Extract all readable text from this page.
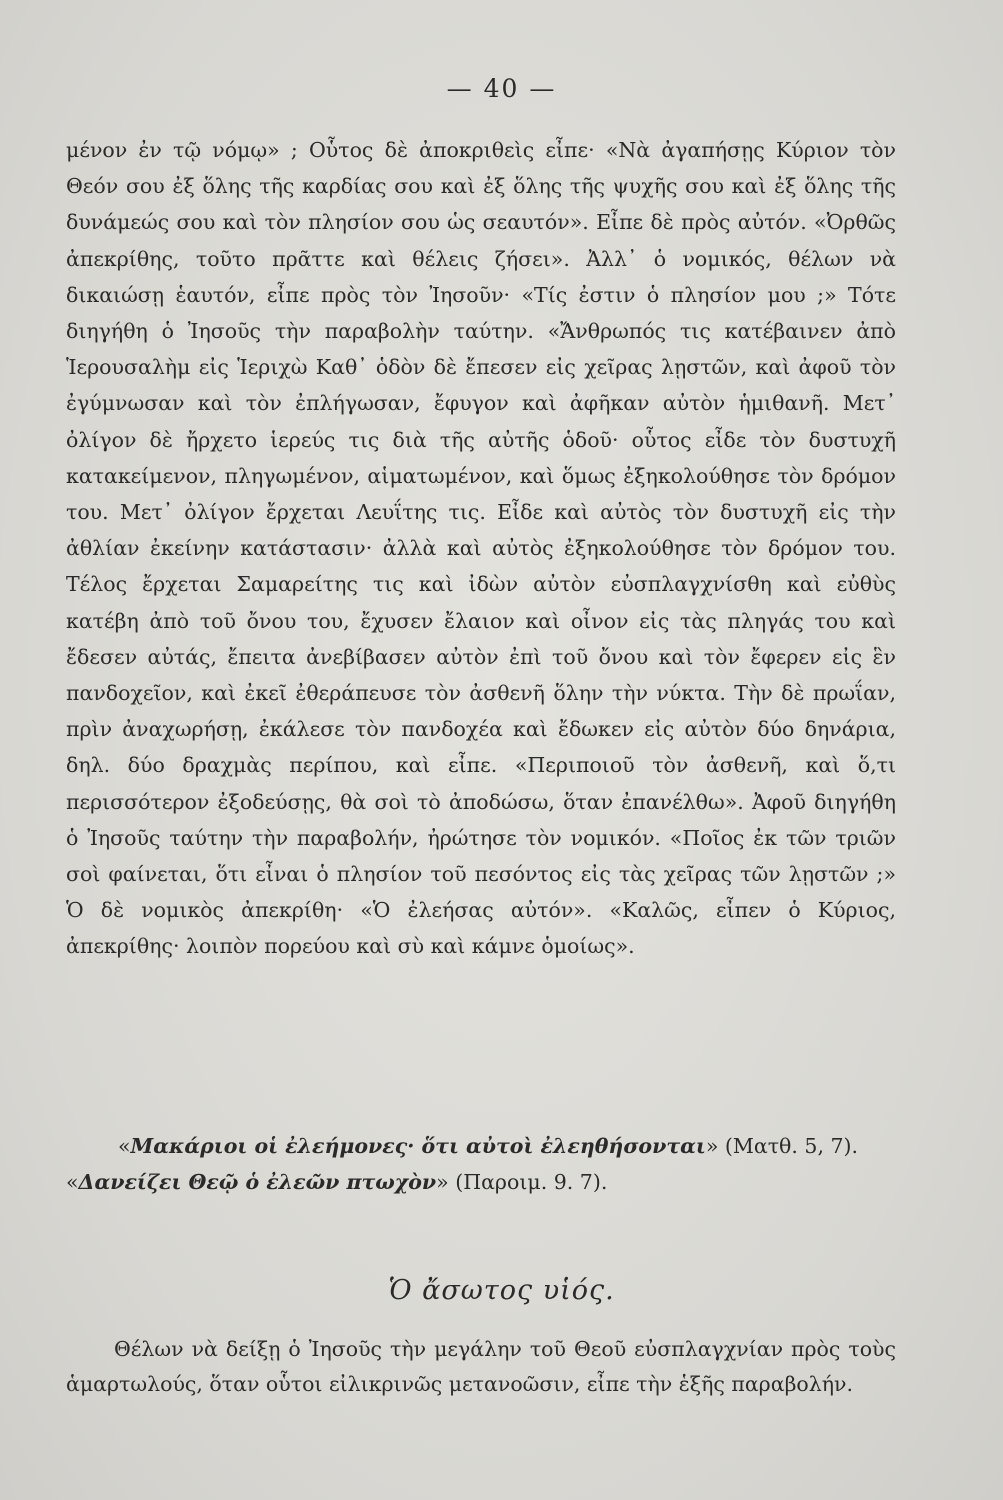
— 40 —

μένον ἐν τῷ νόμῳ» ; Οὗτος δὲ ἀποκριθεὶς εἶπε· «Νὰ ἀγαπήσῃς Κύριον τὸν Θεόν σου ἐξ ὅλης τῆς καρδίας σου καὶ ἐξ ὅλης τῆς ψυχῆς σου καὶ ἐξ ὅλης τῆς δυνάμεώς σου καὶ τὸν πλησίον σου ὡς σεαυτόν». Εἶπε δὲ πρὸς αὐτόν. «Ὀρθῶς ἀπεκρίθης, τοῦτο πρᾶττε καὶ θέλεις ζήσει». Ἀλλ᾿ ὁ νομικός, θέλων νὰ δικαιώσῃ ἑαυτόν, εἶπε πρὸς τὸν Ἰησοῦν· «Τίς ἐστιν ὁ πλησίον μου ;» Τότε διηγήθη ὁ Ἰησοῦς τὴν παραβολὴν ταύτην. «Ἄνθρωπός τις κατέβαινεν ἀπὸ Ἱερουσαλὴμ εἰς Ἱεριχὼ Καθ᾿ ὁδὸν δὲ ἔπεσεν εἰς χεῖρας λῃστῶν, καὶ ἀφοῦ τὸν ἐγύμνωσαν καὶ τὸν ἐπλήγωσαν, ἔφυγον καὶ ἀφῆκαν αὐτὸν ἡμιθανῆ. Μετ᾿ ὀλίγον δὲ ἤρχετο ἱερεύς τις διὰ τῆς αὐτῆς ὁδοῦ· οὗτος εἶδε τὸν δυστυχῆ κατακείμενον, πληγωμένον, αἱματωμένον, καὶ ὅμως ἐξηκολούθησε τὸν δρόμον του. Μετ᾿ ὀλίγον ἔρχεται Λευΐτης τις. Εἶδε καὶ αὐτὸς τὸν δυστυχῆ εἰς τὴν ἀθλίαν ἐκείνην κατάστασιν· ἀλλὰ καὶ αὐτὸς ἐξηκολούθησε τὸν δρόμον του. Τέλος ἔρχεται Σαμαρείτης τις καὶ ἰδὼν αὐτὸν εὐσπλαγχνίσθη καὶ εὐθὺς κατέβη ἀπὸ τοῦ ὄνου του, ἔχυσεν ἔλαιον καὶ οἶνον εἰς τὰς πληγάς του καὶ ἔδεσεν αὐτάς, ἔπειτα ἀνεβίβασεν αὐτὸν ἐπὶ τοῦ ὄνου καὶ τὸν ἔφερεν εἰς ἓν πανδοχεῖον, καὶ ἐκεῖ ἐθεράπευσε τὸν ἀσθενῆ ὅλην τὴν νύκτα. Τὴν δὲ πρωΐαν, πρὶν ἀναχωρήσῃ, ἐκάλεσε τὸν πανδοχέα καὶ ἔδωκεν εἰς αὐτὸν δύο δηνάρια, δηλ. δύο δραχμὰς περίπου, καὶ εἶπε. «Περιποιοῦ τὸν ἀσθενῆ, καὶ ὅ,τι περισσότερον ἐξοδεύσῃς, θὰ σοὶ τὸ ἀποδώσω, ὅταν ἐπανέλθω». Ἀφοῦ διηγήθη ὁ Ἰησοῦς ταύτην τὴν παραβολήν, ἠρώτησε τὸν νομικόν. «Ποῖος ἐκ τῶν τριῶν σοὶ φαίνεται, ὅτι εἶναι ὁ πλησίον τοῦ πεσόντος εἰς τὰς χεῖρας τῶν λῃστῶν ;» Ὁ δὲ νομικὸς ἀπεκρίθη· «Ὁ ἐλεήσας αὐτόν». «Καλῶς, εἶπεν ὁ Κύριος, ἀπεκρίθης· λοιπὸν πορεύου καὶ σὺ καὶ κάμνε ὁμοίως».

«Μακάριοι οἱ ἐλεήμονες· ὅτι αὐτοὶ ἐλεηθήσονται» (Ματθ. 5, 7).

«Δανείζει Θεῷ ὁ ἐλεῶν πτωχὸν» (Παροιμ. 9. 7).

Ὁ ἄσωτος υἱός.

Θέλων νὰ δείξῃ ὁ Ἰησοῦς τὴν μεγάλην τοῦ Θεοῦ εὐσπλαγχνίαν πρὸς τοὺς ἁμαρτωλούς, ὅταν οὗτοι εἰλικρινῶς μετανοῶσιν, εἶπε τὴν ἑξῆς παραβολήν.
